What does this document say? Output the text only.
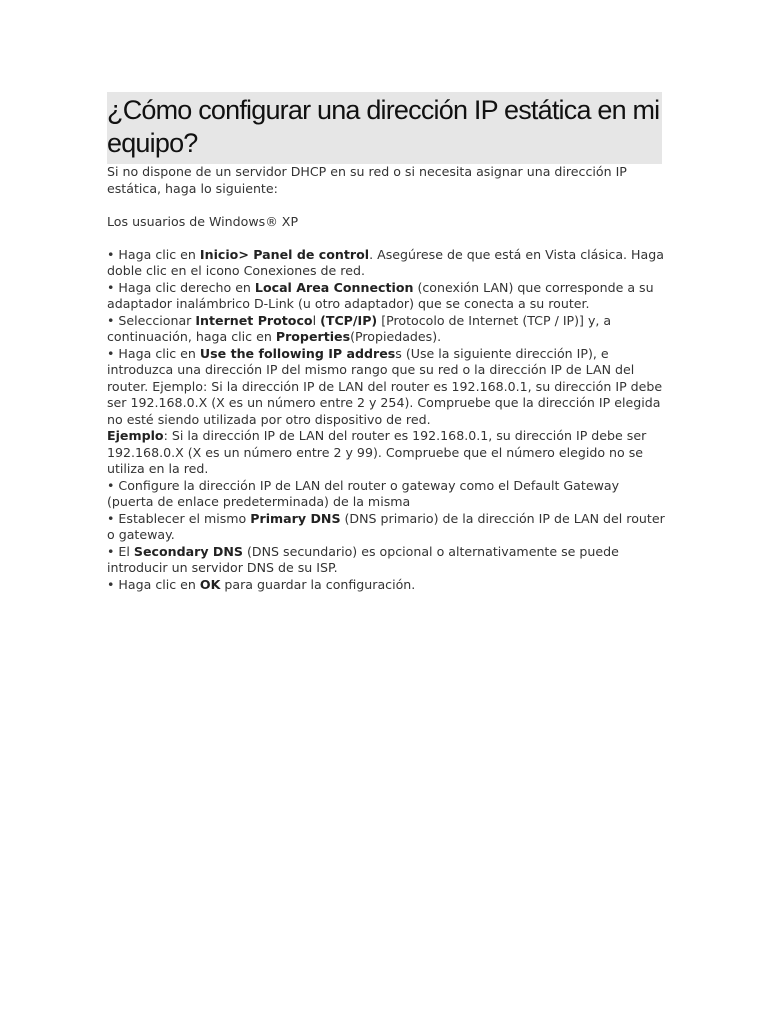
¿Cómo configurar una dirección IP estática en mi equipo?

Si no dispone de un servidor DHCP en su red o si necesita asignar una dirección IP estática, haga lo siguiente:

Los usuarios de Windows® XP

• Haga clic en Inicio> Panel de control. Asegúrese de que está en Vista clásica. Haga doble clic en el icono Conexiones de red.

• Haga clic derecho en Local Area Connection (conexión LAN) que corresponde a su adaptador inalámbrico D-Link (u otro adaptador) que se conecta a su router.

• Seleccionar Internet Protocol (TCP/IP) [Protocolo de Internet (TCP / IP)] y, a continuación, haga clic en Properties(Propiedades).

• Haga clic en Use the following IP address (Use la siguiente dirección IP), e introduzca una dirección IP del mismo rango que su red o la dirección IP de LAN del router. Ejemplo: Si la dirección IP de LAN del router es 192.168.0.1, su dirección IP debe ser 192.168.0.X (X es un número entre 2 y 254). Compruebe que la dirección IP elegida no esté siendo utilizada por otro dispositivo de red.

Ejemplo: Si la dirección IP de LAN del router es 192.168.0.1, su dirección IP debe ser 192.168.0.X (X es un número entre 2 y 99). Compruebe que el número elegido no se utiliza en la red.

• Configure la dirección IP de LAN del router o gateway como el Default Gateway (puerta de enlace predeterminada) de la misma

• Establecer el mismo Primary DNS (DNS primario) de la dirección IP de LAN del router o gateway.

• El Secondary DNS (DNS secundario) es opcional o alternativamente se puede introducir un servidor DNS de su ISP.

• Haga clic en OK para guardar la configuración.
